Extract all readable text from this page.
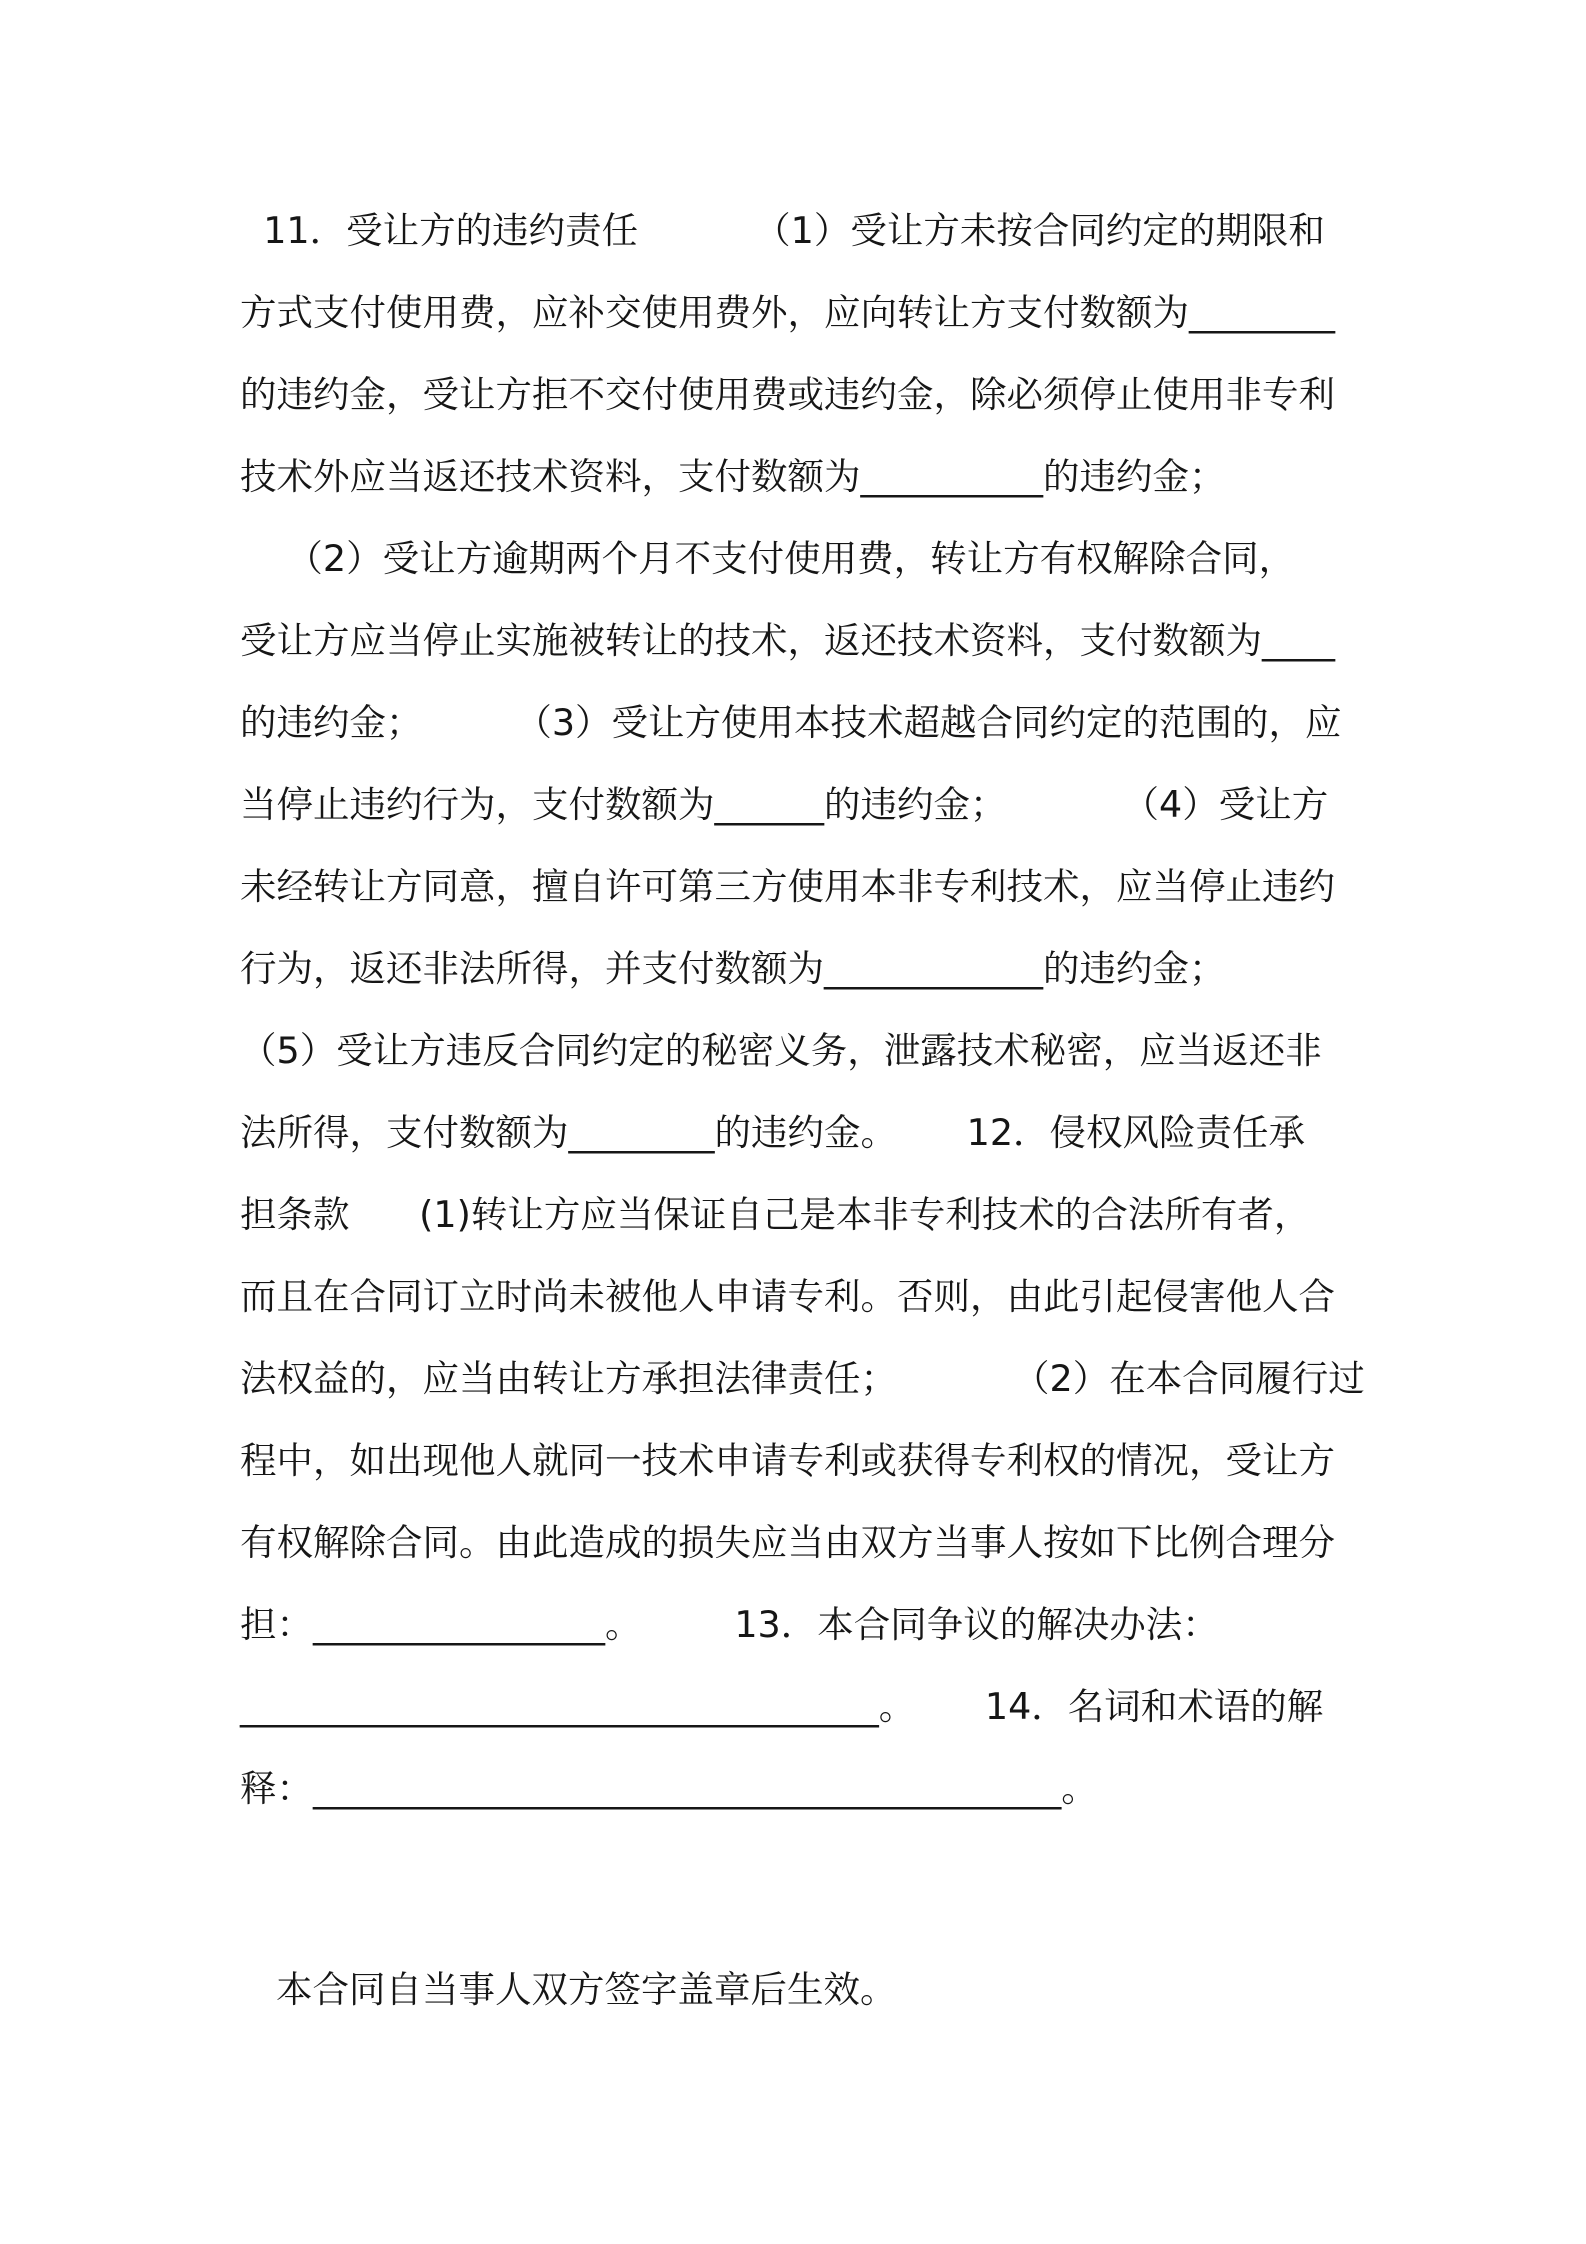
11．受让方的违约责任          （1）受让方未按合同约定的期限和
方式支付使用费，应补交使用费外，应向转让方支付数额为________
的违约金，受让方拒不交付使用费或违约金，除必须停止使用非专利
技术外应当返还技术资料，支付数额为__________的违约金；
（2）受让方逾期两个月不支付使用费，转让方有权解除合同，
受让方应当停止实施被转让的技术，返还技术资料，支付数额为____
的违约金；        （3）受让方使用本技术超越合同约定的范围的，应
当停止违约行为，支付数额为______的违约金；          （4）受让方
未经转让方同意，擅自许可第三方使用本非专利技术，应当停止违约
行为，返还非法所得，并支付数额为____________的违约金；
（5）受让方违反合同约定的秘密义务，泄露技术秘密，应当返还非
法所得，支付数额为________的违约金。      12．侵权风险责任承
担条款      (1)转让方应当保证自己是本非专利技术的合法所有者，
而且在合同订立时尚未被他人申请专利。否则，由此引起侵害他人合
法权益的，应当由转让方承担法律责任；          （2）在本合同履行过
程中，如出现他人就同一技术申请专利或获得专利权的情况，受让方
有权解除合同。由此造成的损失应当由双方当事人按如下比例合理分
担：________________。        13．本合同争议的解决办法：
___________________________________。      14．名词和术语的解
释：_________________________________________。
本合同自当事人双方签字盖章后生效。
